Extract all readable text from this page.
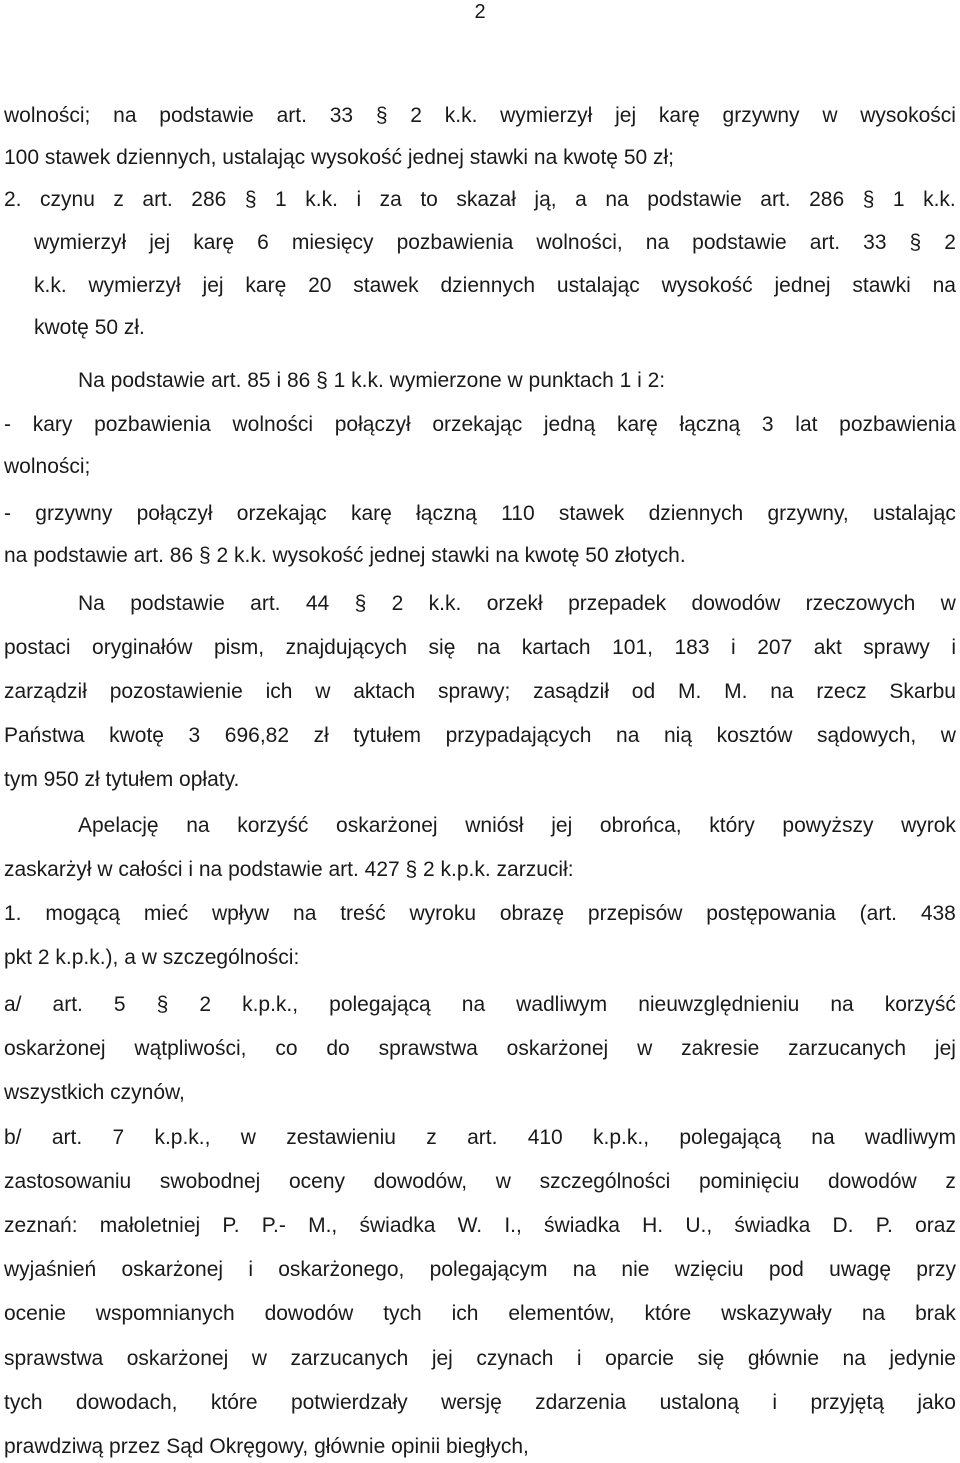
2
wolności; na podstawie art. 33 § 2 k.k. wymierzył jej karę grzywny w wysokości
100 stawek dziennych, ustalając wysokość jednej stawki na kwotę 50 zł;
2. czynu z art. 286 § 1 k.k. i za to skazał ją, a na podstawie art. 286 § 1 k.k.
wymierzył jej karę 6 miesięcy pozbawienia wolności, na podstawie art. 33 § 2
k.k. wymierzył jej karę 20 stawek dziennych ustalając wysokość jednej stawki na
kwotę 50 zł.
Na podstawie art. 85 i 86 § 1 k.k. wymierzone w punktach 1 i 2:
- kary pozbawienia wolności połączył orzekając jedną karę łączną 3 lat pozbawienia
wolności;
- grzywny połączył orzekając karę łączną 110 stawek dziennych grzywny, ustalając
na podstawie art. 86 § 2 k.k. wysokość jednej stawki na kwotę 50 złotych.
Na podstawie art. 44 § 2 k.k. orzekł przepadek dowodów rzeczowych w
postaci oryginałów pism, znajdujących się na kartach 101, 183 i 207 akt sprawy i
zarządził pozostawienie ich w aktach sprawy; zasądził od M. M. na rzecz Skarbu
Państwa kwotę 3 696,82 zł tytułem przypadających na nią kosztów sądowych, w
tym 950 zł tytułem opłaty.
Apelację na korzyść oskarżonej wniósł jej obrońca, który powyższy wyrok
zaskarżył w całości i na podstawie art. 427 § 2 k.p.k. zarzucił:
1. mogącą mieć wpływ na treść wyroku obrazę przepisów postępowania (art. 438
pkt 2 k.p.k.), a w szczególności:
a/ art. 5 § 2 k.p.k., polegającą na wadliwym nieuwzględnieniu na korzyść
oskarżonej wątpliwości, co do sprawstwa oskarżonej w zakresie zarzucanych jej
wszystkich czynów,
b/ art. 7 k.p.k., w zestawieniu z art. 410 k.p.k., polegającą na wadliwym
zastosowaniu swobodnej oceny dowodów, w szczególności pominięciu dowodów z
zeznań: małoletniej P. P.- M., świadka W. I., świadka H. U., świadka D. P. oraz
wyjaśnień oskarżonej i oskarżonego, polegającym na nie wzięciu pod uwagę przy
ocenie wspomnianych dowodów tych ich elementów, które wskazywały na brak
sprawstwa oskarżonej w zarzucanych jej czynach i oparcie się głównie na jedynie
tych dowodach, które potwierdzały wersję zdarzenia ustaloną i przyjętą jako
prawdziwą przez Sąd Okręgowy, głównie opinii biegłych,
